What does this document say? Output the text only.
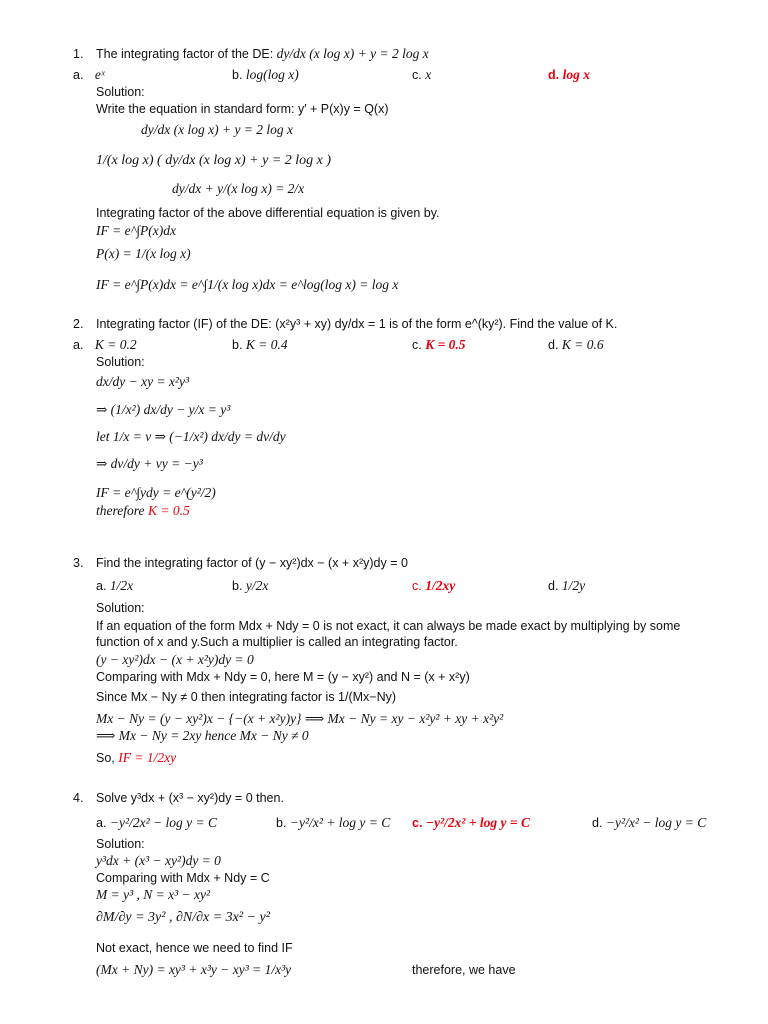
1. The integrating factor of the DE: dy/dx (x log x) + y = 2 log x
a. eˣ	b. log(log x)	c. x	d. log x
Solution:
Write the equation in standard form: y′ + P(x)y = Q(x)
dy/dx (x log x) + y = 2 log x
1/(x log x) ( dy/dx (x log x) + y = 2 log x )
dy/dx + y/(x log x) = 2/x
Integrating factor of the above differential equation is given by.
IF = e^∫P(x)dx
P(x) = 1/(x log x)
IF = e^∫P(x)dx = e^∫1/(x log x)dx = e^log(log x) = log x
2. Integrating factor (IF) of the DE: (x²y³ + xy) dy/dx = 1 is of the form e^(ky²). Find the value of K.
a. K = 0.2	b. K = 0.4	c. K = 0.5	d. K = 0.6
Solution:
dx/dy − xy = x²y³
⇒ (1/x²) dx/dy − y/x = y³
let 1/x = v ⇒ (−1/x²) dx/dy = dv/dy
⇒ dv/dy + vy = −y³
IF = e^∫ydy = e^(y²/2)
therefore K = 0.5
3. Find the integrating factor of (y − xy²)dx − (x + x²y)dy = 0
a. 1/2x	b. y/2x	c. 1/2xy	d. 1/2y
Solution:
If an equation of the form Mdx + Ndy = 0 is not exact, it can always be made exact by multiplying by some
function of x and y.Such a multiplier is called an integrating factor.
(y − xy²)dx − (x + x²y)dy = 0
Comparing with Mdx + Ndy = 0, here M = (y − xy²) and N = (x + x²y)
Since Mx − Ny ≠ 0 then integrating factor is 1/(Mx−Ny)
Mx − Ny = (y − xy²)x − {−(x + x²y)y} ⟹ Mx − Ny = xy − x²y² + xy + x²y²
⟹ Mx − Ny = 2xy hence Mx − Ny ≠ 0
So, IF = 1/2xy
4. Solve y³dx + (x³ − xy²)dy = 0 then.
a. −y²/2x² − log y = C	b. −y²/x² + log y = C c. −y²/2x² + log y = C	d. −y²/x² − log y = C
Solution:
y³dx + (x³ − xy²)dy = 0
Comparing with Mdx + Ndy = C
M = y³ , N = x³ − xy²
∂M/∂y = 3y² , ∂N/∂x = 3x² − y²
Not exact, hence we need to find IF
(Mx + Ny) = xy³ + x³y − xy³ = 1/x³y	therefore, we have
